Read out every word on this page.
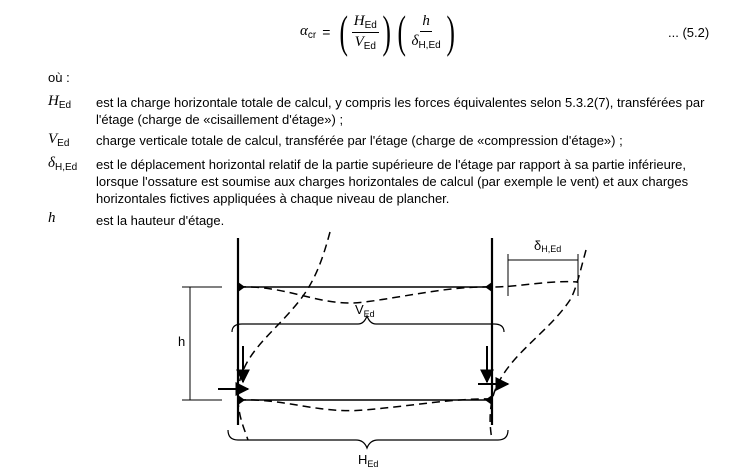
$\alpha_{cr}$ = ( $\frac{H_{Ed}}{V_{Ed}}$ ) ( $\frac{h}{\delta_{H,Ed}}$ )	... (5.2)
où :
$H_{Ed}$ est la charge horizontale totale de calcul, y compris les forces équivalentes selon 5.3.2(7), transférées par l'étage (charge de «cisaillement d'étage») ;
$V_{Ed}$ charge verticale totale de calcul, transférée par l'étage (charge de «compression d'étage») ;
$\delta_{H,Ed}$ est le déplacement horizontal relatif de la partie supérieure de l'étage par rapport à sa partie inférieure, lorsque l'ossature est soumise aux charges horizontales de calcul (par exemple le vent) et aux charges horizontales fictives appliquées à chaque niveau de plancher.
h	est la hauteur d'étage.
δH,Ed
$V_{Ed}$
h
$H_{Ed}$
